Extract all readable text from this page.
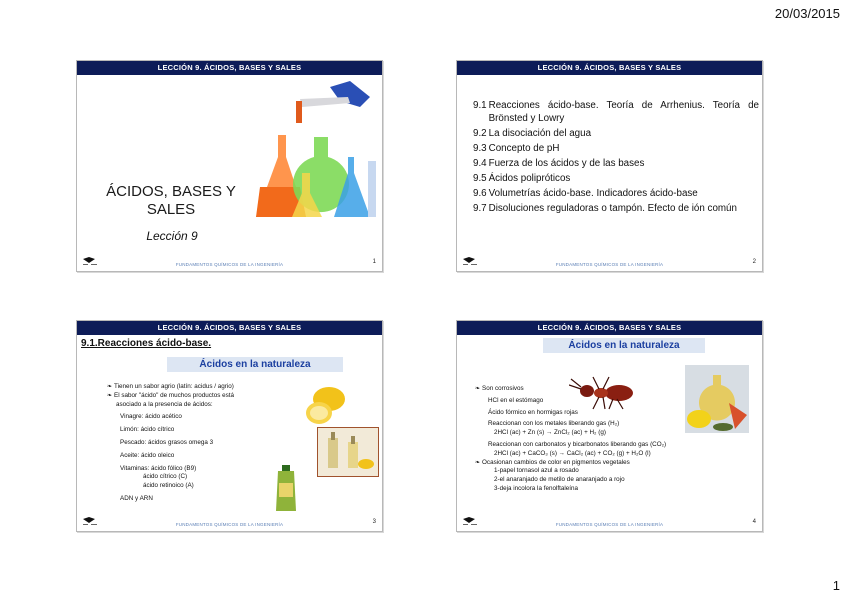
20/03/2015
LECCIÓN 9. ÁCIDOS, BASES Y SALES
ÁCIDOS, BASES Y
SALES
Lección 9
FUNDAMENTOS QUÍMICOS DE LA INGENIERÍA	1
LECCIÓN 9. ÁCIDOS, BASES Y SALES
9.1 Reacciones ácido-base. Teoría de Arrhenius. Teoría de Brönsted y Lowry
9.2 La disociación del agua
9.3 Concepto de pH
9.4 Fuerza de los ácidos y de las bases
9.5 Ácidos polipróticos
9.6 Volumetrías ácido-base. Indicadores ácido-base
9.7 Disoluciones reguladoras o tampón. Efecto de ión común
FUNDAMENTOS QUÍMICOS DE LA INGENIERÍA	2
LECCIÓN 9. ÁCIDOS, BASES Y SALES
9.1.Reacciones ácido-base.
Ácidos en la naturaleza
❧ Tienen un sabor agrio (latín: acidus / agrio)
❧ El sabor "ácido" de muchos productos está
asociado a la presencia de ácidos:
Vinagre: ácido acético
Limón: ácido cítrico
Pescado: ácidos grasos omega 3
Aceite: ácido oleico
Vitaminas: ácido fólico (B9)
ácido cítrico (C)
ácido retinoico (A)
ADN y ARN
FUNDAMENTOS QUÍMICOS DE LA INGENIERÍA	3
LECCIÓN 9. ÁCIDOS, BASES Y SALES
Ácidos en la naturaleza
❧ Son corrosivos
HCl en el estómago
Ácido fórmico en hormigas rojas
Reaccionan con los metales liberando gas (H₂)
2HCl (ac) + Zn (s) → ZnCl₂ (ac) + H₂ (g)
Reaccionan con carbonatos y bicarbonatos liberando gas (CO₂)
2HCl (ac) + CaCO₃ (s) → CaCl₂ (ac) + CO₂ (g) + H₂O (l)
❧ Ocasionan cambios de color en pigmentos vegetales
1-papel tornasol azul a rosado
2-el anaranjado de metilo de anaranjado a rojo
3-deja incolora la fenolftaleína
FUNDAMENTOS QUÍMICOS DE LA INGENIERÍA	4
1
